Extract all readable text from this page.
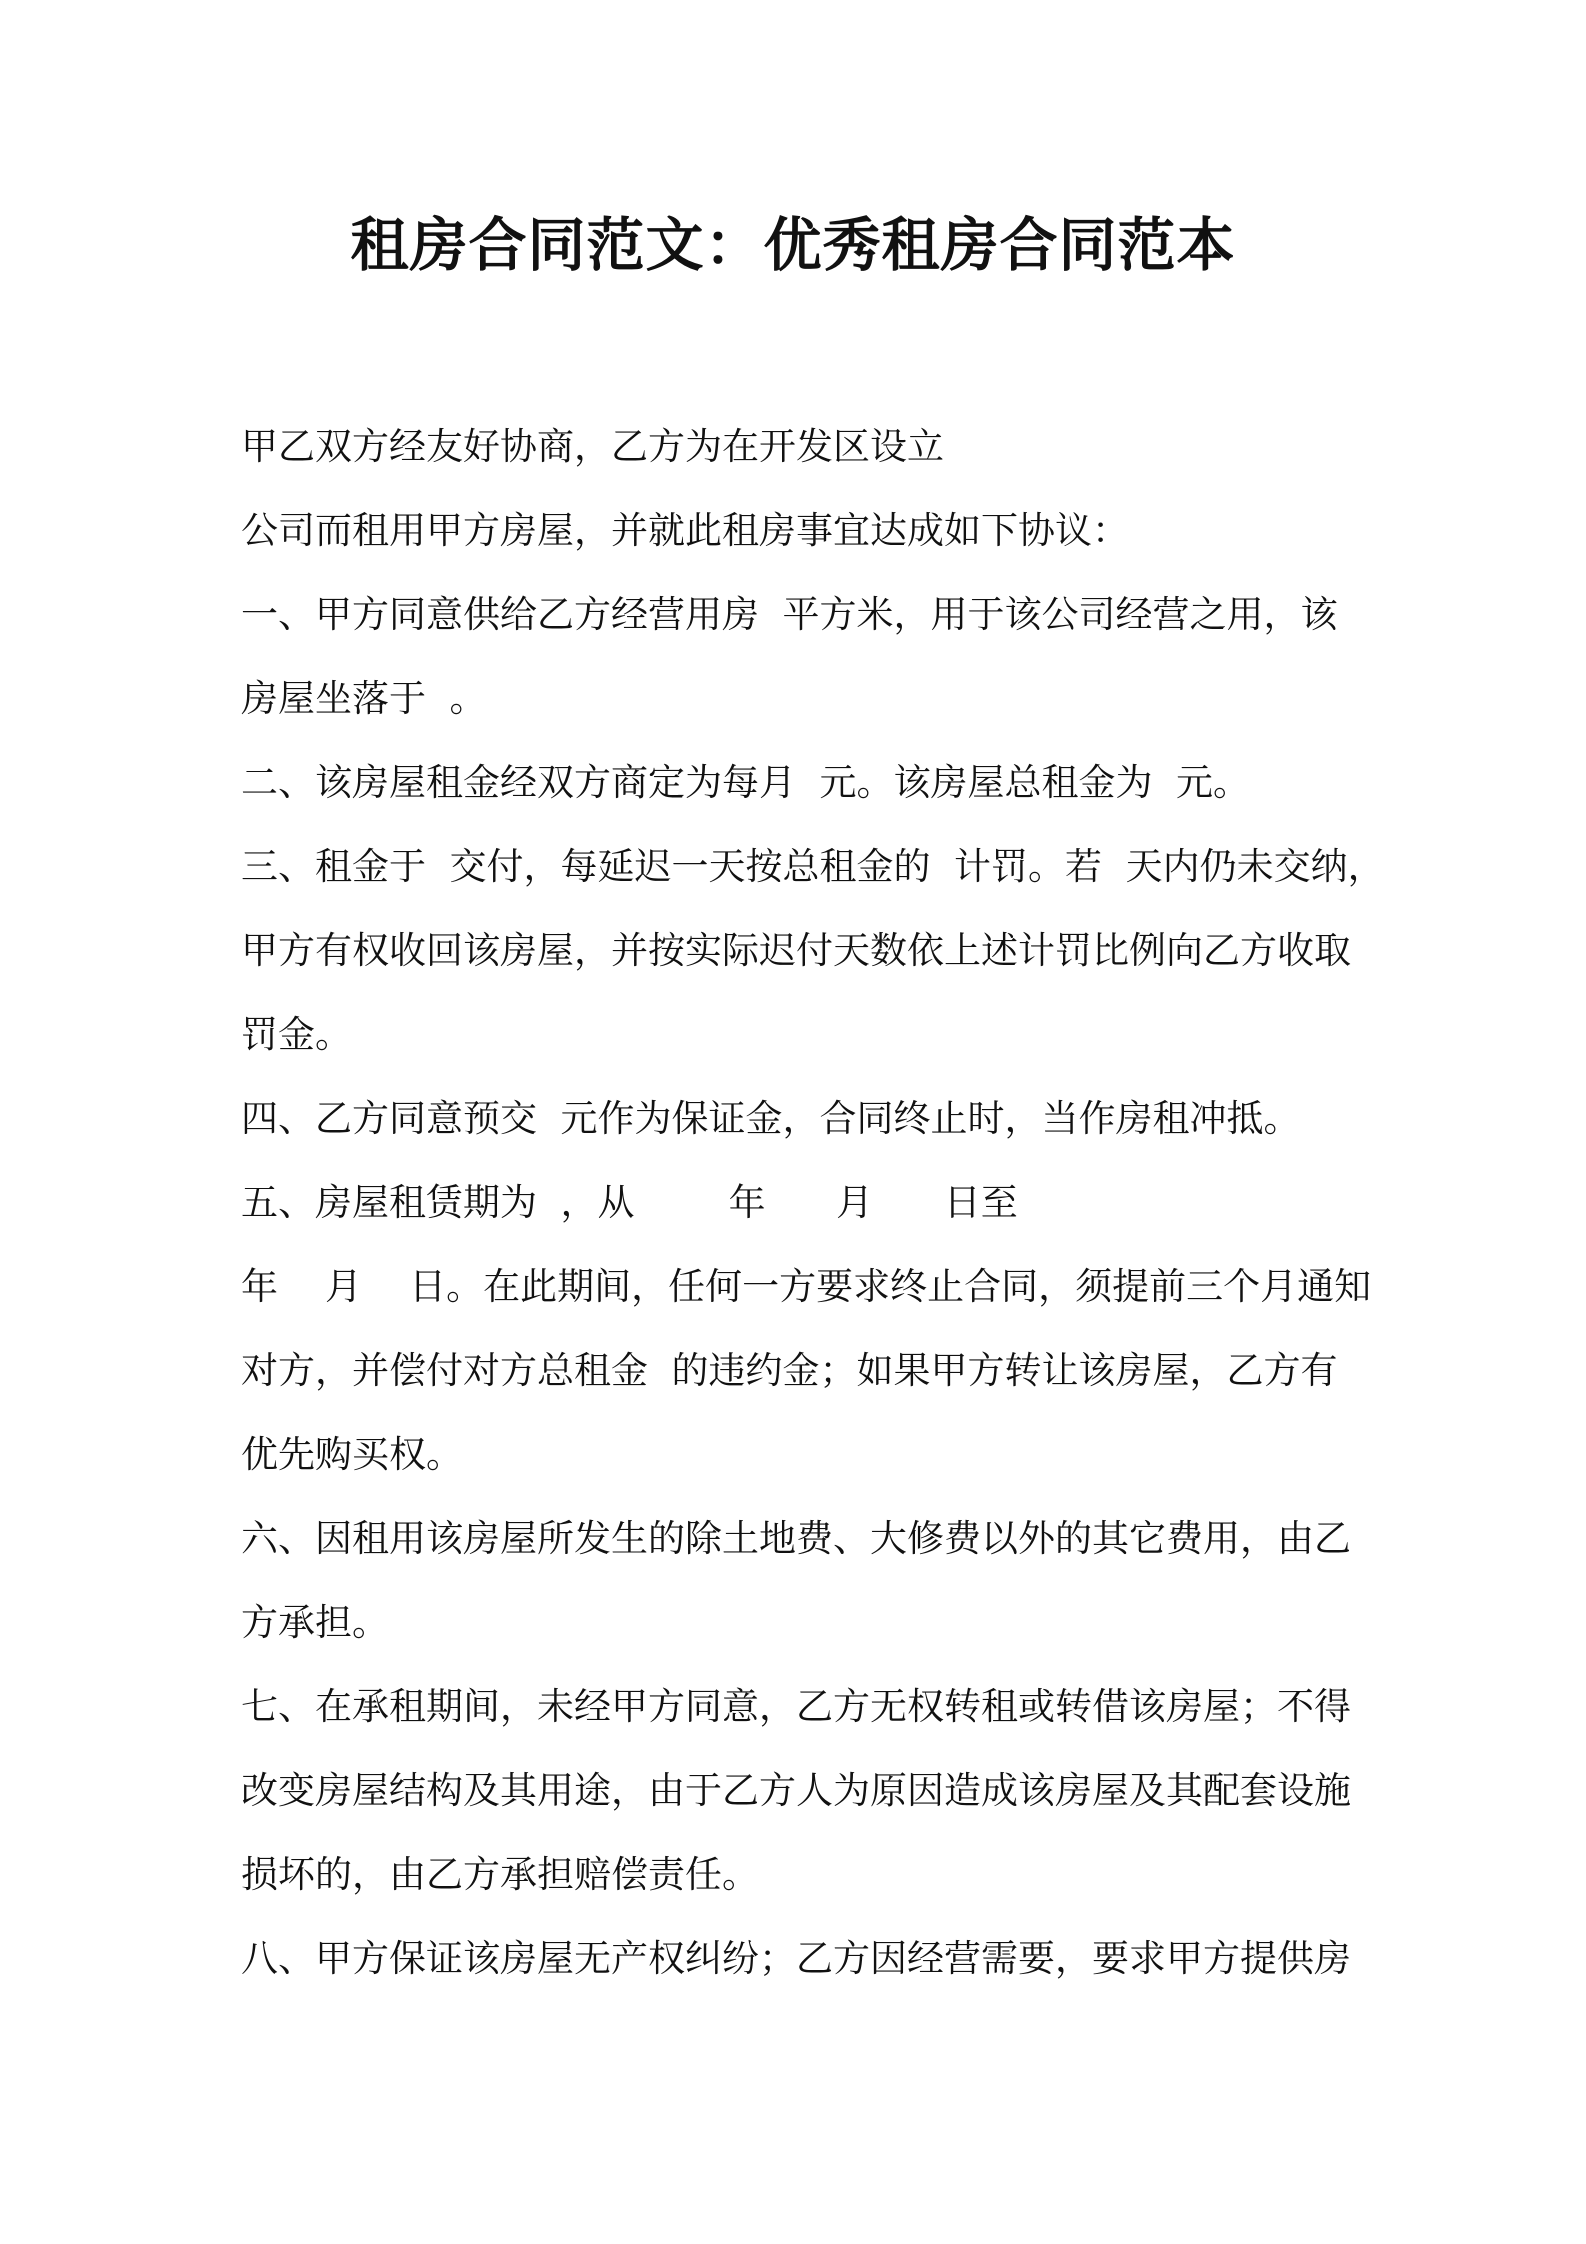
租房合同范文：优秀租房合同范本
甲乙双方经友好协商，乙方为在开发区设立
公司而租用甲方房屋，并就此租房事宜达成如下协议：
一、甲方同意供给乙方经营用房  平方米，用于该公司经营之用，该
房屋坐落于  。
二、该房屋租金经双方商定为每月  元。该房屋总租金为  元。
三、租金于  交付，每延迟一天按总租金的  计罚。若  天内仍未交纳，
甲方有权收回该房屋，并按实际迟付天数依上述计罚比例向乙方收取
罚金。
四、乙方同意预交  元作为保证金，合同终止时，当作房租冲抵。
五、房屋租赁期为  ，从        年      月      日至
年    月    日。在此期间，任何一方要求终止合同，须提前三个月通知
对方，并偿付对方总租金  的违约金；如果甲方转让该房屋，乙方有
优先购买权。
六、因租用该房屋所发生的除土地费、大修费以外的其它费用，由乙
方承担。
七、在承租期间，未经甲方同意，乙方无权转租或转借该房屋；不得
改变房屋结构及其用途，由于乙方人为原因造成该房屋及其配套设施
损坏的，由乙方承担赔偿责任。
八、甲方保证该房屋无产权纠纷；乙方因经营需要，要求甲方提供房
